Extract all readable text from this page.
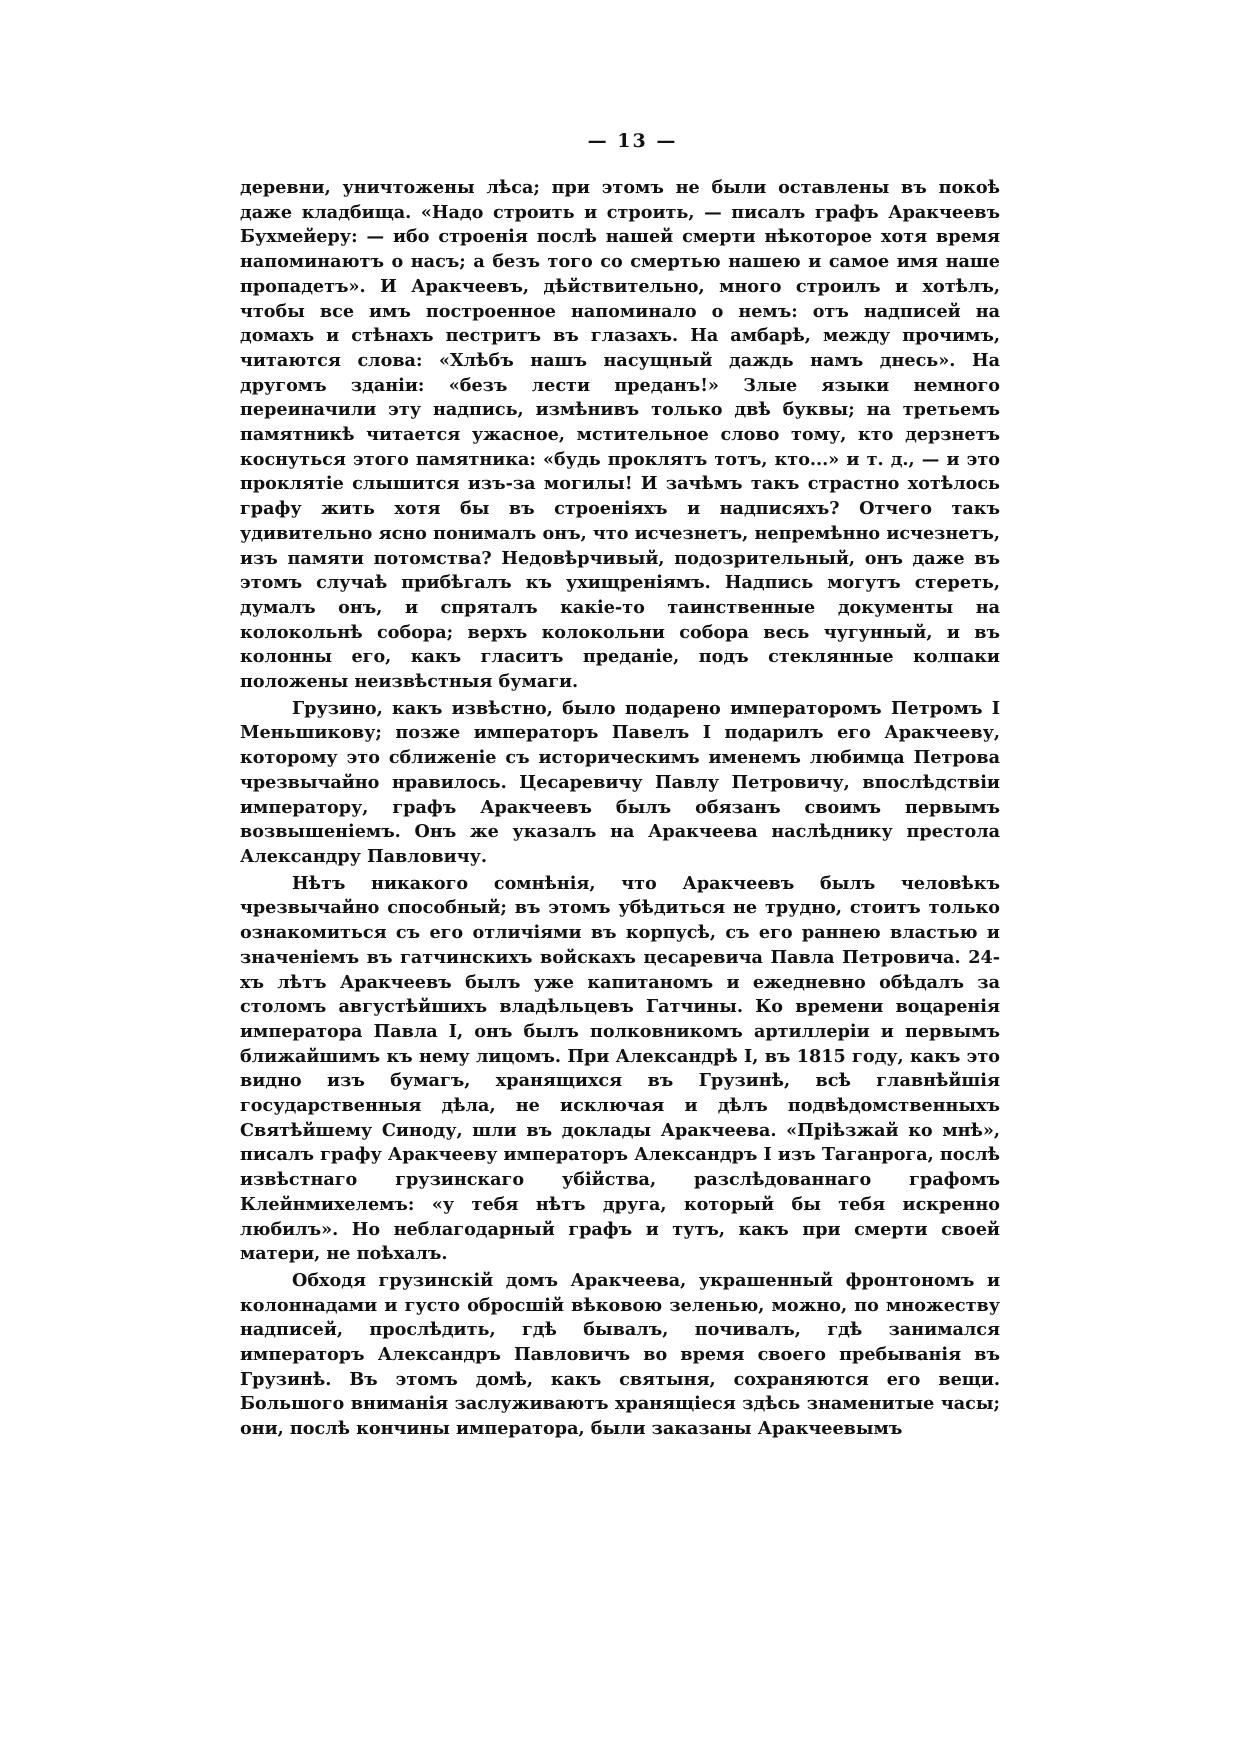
— 13 —

деревни, уничтожены лѣса; при этомъ не были оставлены въ покоѣ даже кладбища. «Надо строить и строить, — писалъ графъ Аракчеевъ Бухмейеру: — ибо строенія послѣ нашей смерти нѣкоторое хотя время напоминаютъ о насъ; а безъ того со смертью нашею и самое имя наше пропадетъ». И Аракчеевъ, дѣйствительно, много строилъ и хотѣлъ, чтобы все имъ построенное напоминало о немъ: отъ надписей на домахъ и стѣнахъ пестритъ въ глазахъ. На амбарѣ, между прочимъ, читаются слова: «Хлѣбъ нашъ насущный даждь намъ днесь». На другомъ зданіи: «безъ лести преданъ!» Злые языки немного переиначили эту надпись, измѣнивъ только двѣ буквы; на третьемъ памятникѣ читается ужасное, мстительное слово тому, кто дерзнетъ коснуться этого памятника: «будь проклятъ тотъ, кто...» и т. д., — и это проклятіе слышится изъ-за могилы! И зачѣмъ такъ страстно хотѣлось графу жить хотя бы въ строеніяхъ и надписяхъ? Отчего такъ удивительно ясно понималъ онъ, что исчезнетъ, непремѣнно исчезнетъ, изъ памяти потомства? Недовѣрчивый, подозрительный, онъ даже въ этомъ случаѣ прибѣгалъ къ ухищреніямъ. Надпись могутъ стереть, думалъ онъ, и спряталъ какіе-то таинственные документы на колокольнѣ собора; верхъ колокольни собора весь чугунный, и въ колонны его, какъ гласитъ преданіе, подъ стеклянные колпаки положены неизвѣстныя бумаги.

Грузино, какъ извѣстно, было подарено императоромъ Петромъ I Меньшикову; позже императоръ Павелъ I подарилъ его Аракчееву, которому это сближеніе съ историческимъ именемъ любимца Петрова чрезвычайно нравилось. Цесаревичу Павлу Петровичу, впослѣдствіи императору, графъ Аракчеевъ былъ обязанъ своимъ первымъ возвышеніемъ. Онъ же указалъ на Аракчеева наслѣднику престола Александру Павловичу.

Нѣтъ никакого сомнѣнія, что Аракчеевъ былъ человѣкъ чрезвычайно способный; въ этомъ убѣдиться не трудно, стоитъ только ознакомиться съ его отличіями въ корпусѣ, съ его раннею властью и значеніемъ въ гатчинскихъ войскахъ цесаревича Павла Петровича. 24-хъ лѣтъ Аракчеевъ былъ уже капитаномъ и ежедневно обѣдалъ за столомъ августѣйшихъ владѣльцевъ Гатчины. Ко времени воцаренія императора Павла I, онъ былъ полковникомъ артиллеріи и первымъ ближайшимъ къ нему лицомъ. При Александрѣ I, въ 1815 году, какъ это видно изъ бумагъ, хранящихся въ Грузинѣ, всѣ главнѣйшія государственныя дѣла, не исключая и дѣлъ подвѣдомственныхъ Святѣйшему Синоду, шли въ доклады Аракчеева. «Пріѣзжай ко мнѣ», писалъ графу Аракчееву императоръ Александръ I изъ Таганрога, послѣ извѣстнаго грузинскаго убійства, разслѣдованнаго графомъ Клейнмихелемъ: «у тебя нѣтъ друга, который бы тебя искренно любилъ». Но неблагодарный графъ и тутъ, какъ при смерти своей матери, не поѣхалъ.

Обходя грузинскій домъ Аракчеева, украшенный фронтономъ и колоннадами и густо обросшій вѣковою зеленью, можно, по множеству надписей, прослѣдить, гдѣ бывалъ, почивалъ, гдѣ занимался императоръ Александръ Павловичъ во время своего пребыванія въ Грузинѣ. Въ этомъ домѣ, какъ святыня, сохраняются его вещи. Большого вниманія заслуживаютъ хранящіеся здѣсь знаменитые часы; они, послѣ кончины императора, были заказаны Аракчеевымъ
